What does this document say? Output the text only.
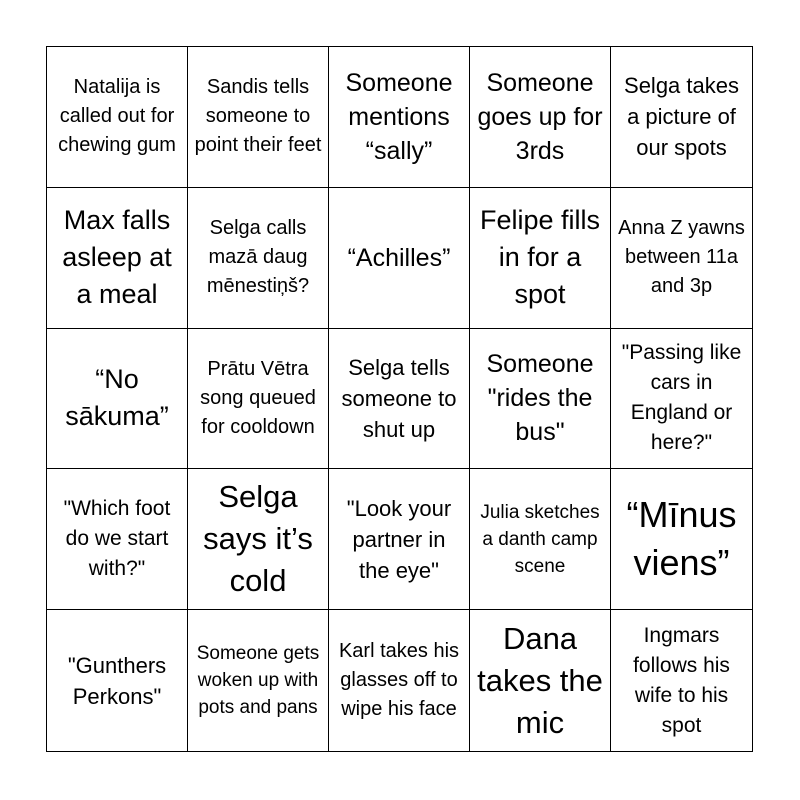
Natalija is called out for chewing gum
Sandis tells someone to point their feet
Someone mentions “sally”
Someone goes up for 3rds
Selga takes a picture of our spots
Max falls asleep at a meal
Selga calls mazā daug mēnestiņš?
“Achilles”
Felipe fills in for a spot
Anna Z yawns between 11a and 3p
“No sākuma”
Prātu Vētra song queued for cooldown
Selga tells someone to shut up
Someone "rides the bus"
"Passing like cars in England or here?"
"Which foot do we start with?"
Selga says it’s cold
"Look your partner in the eye"
Julia sketches a danth camp scene
“Mīnus viens”
"Gunthers Perkons"
Someone gets woken up with pots and pans
Karl takes his glasses off to wipe his face
Dana takes the mic
Ingmars follows his wife to his spot
